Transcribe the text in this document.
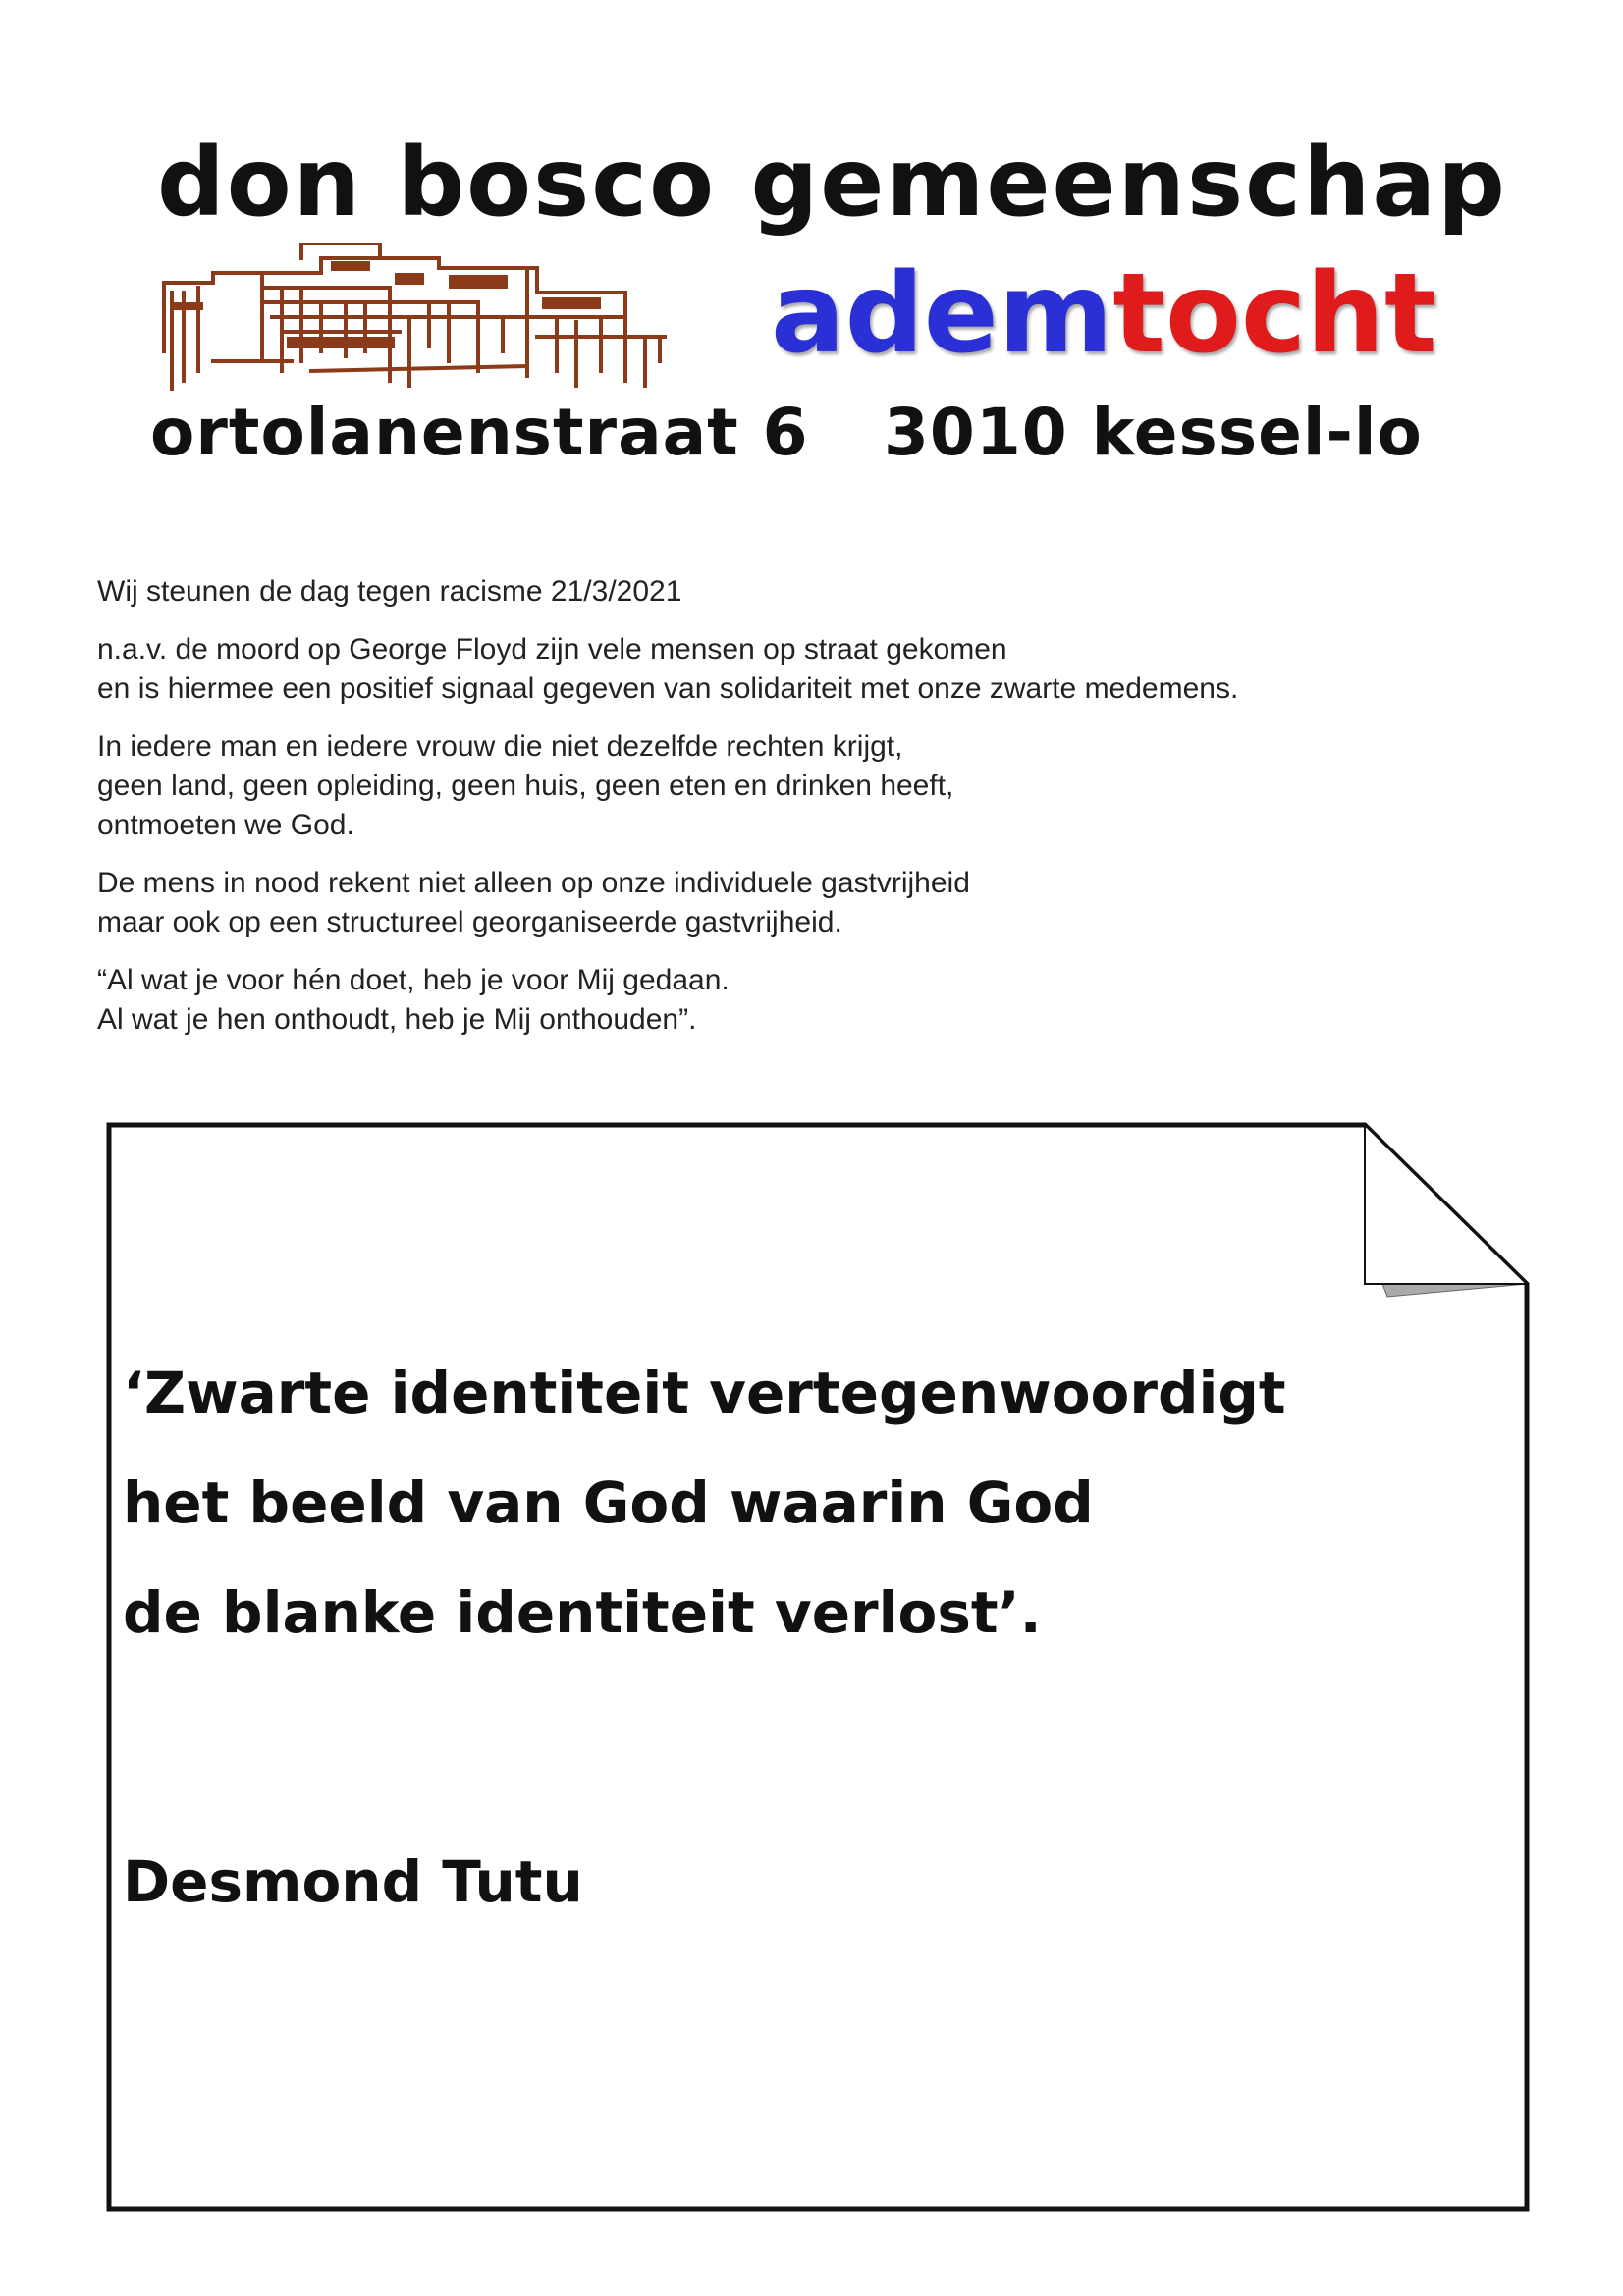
don bosco gemeenschap
ademtocht
ortolanenstraat 6 3010 kessel-lo

Wij steunen de dag tegen racisme 21/3/2021

n.a.v. de moord op George Floyd zijn vele mensen op straat gekomen
en is hiermee een positief signaal gegeven van solidariteit met onze zwarte medemens.

In iedere man en iedere vrouw die niet dezelfde rechten krijgt,
geen land, geen opleiding, geen huis, geen eten en drinken heeft,
ontmoeten we God.

De mens in nood rekent niet alleen op onze individuele gastvrijheid
maar ook op een structureel georganiseerde gastvrijheid.

“Al wat je voor hén doet, heb je voor Mij gedaan.
Al wat je hen onthoudt, heb je Mij onthouden”.

‘Zwarte identiteit vertegenwoordigt
het beeld van God waarin God
de blanke identiteit verlost’.
Desmond Tutu
